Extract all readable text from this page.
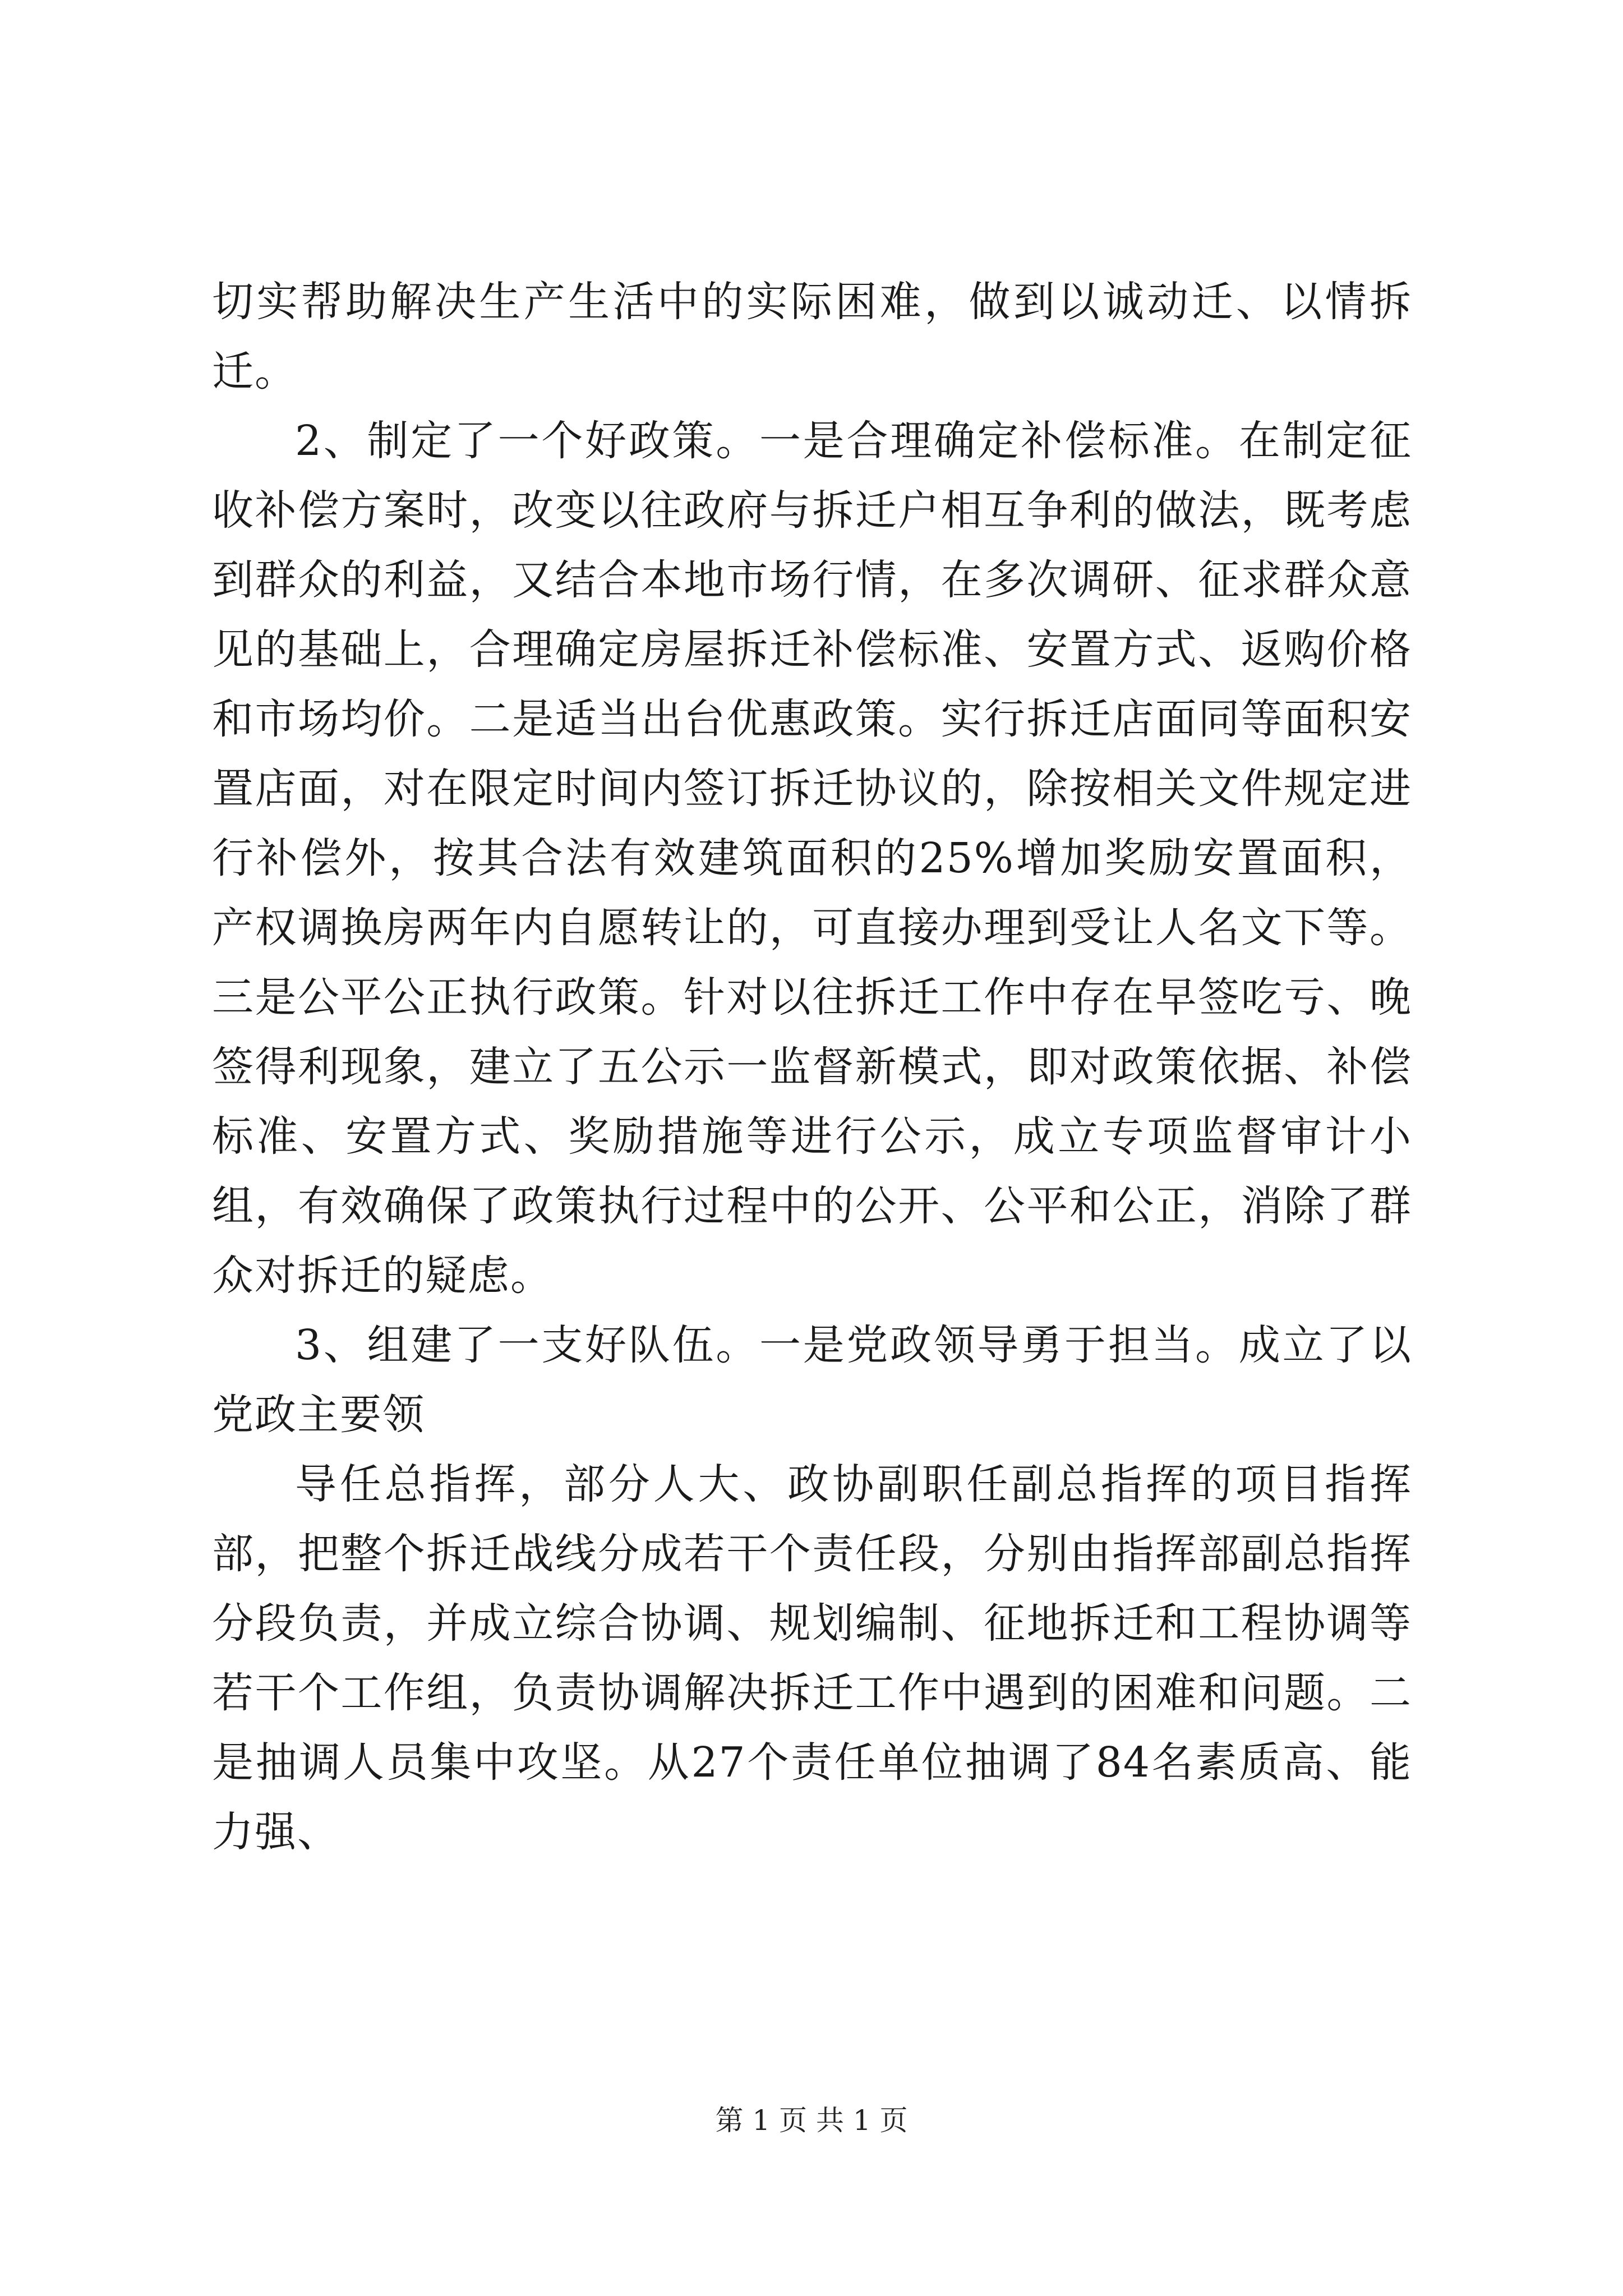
切实帮助解决生产生活中的实际困难，做到以诚动迁、以情拆迁。

2、制定了一个好政策。一是合理确定补偿标准。在制定征收补偿方案时，改变以往政府与拆迁户相互争利的做法，既考虑到群众的利益，又结合本地市场行情，在多次调研、征求群众意见的基础上，合理确定房屋拆迁补偿标准、安置方式、返购价格和市场均价。二是适当出台优惠政策。实行拆迁店面同等面积安置店面，对在限定时间内签订拆迁协议的，除按相关文件规定进行补偿外，按其合法有效建筑面积的25%增加奖励安置面积，产权调换房两年内自愿转让的，可直接办理到受让人名文下等。三是公平公正执行政策。针对以往拆迁工作中存在早签吃亏、晚签得利现象，建立了五公示一监督新模式，即对政策依据、补偿标准、安置方式、奖励措施等进行公示，成立专项监督审计小组，有效确保了政策执行过程中的公开、公平和公正，消除了群众对拆迁的疑虑。

3、组建了一支好队伍。一是党政领导勇于担当。成立了以党政主要领

导任总指挥，部分人大、政协副职任副总指挥的项目指挥部，把整个拆迁战线分成若干个责任段，分别由指挥部副总指挥分段负责，并成立综合协调、规划编制、征地拆迁和工程协调等若干个工作组，负责协调解决拆迁工作中遇到的困难和问题。二是抽调人员集中攻坚。从27个责任单位抽调了84名素质高、能力强、

第 1 页 共 1 页
